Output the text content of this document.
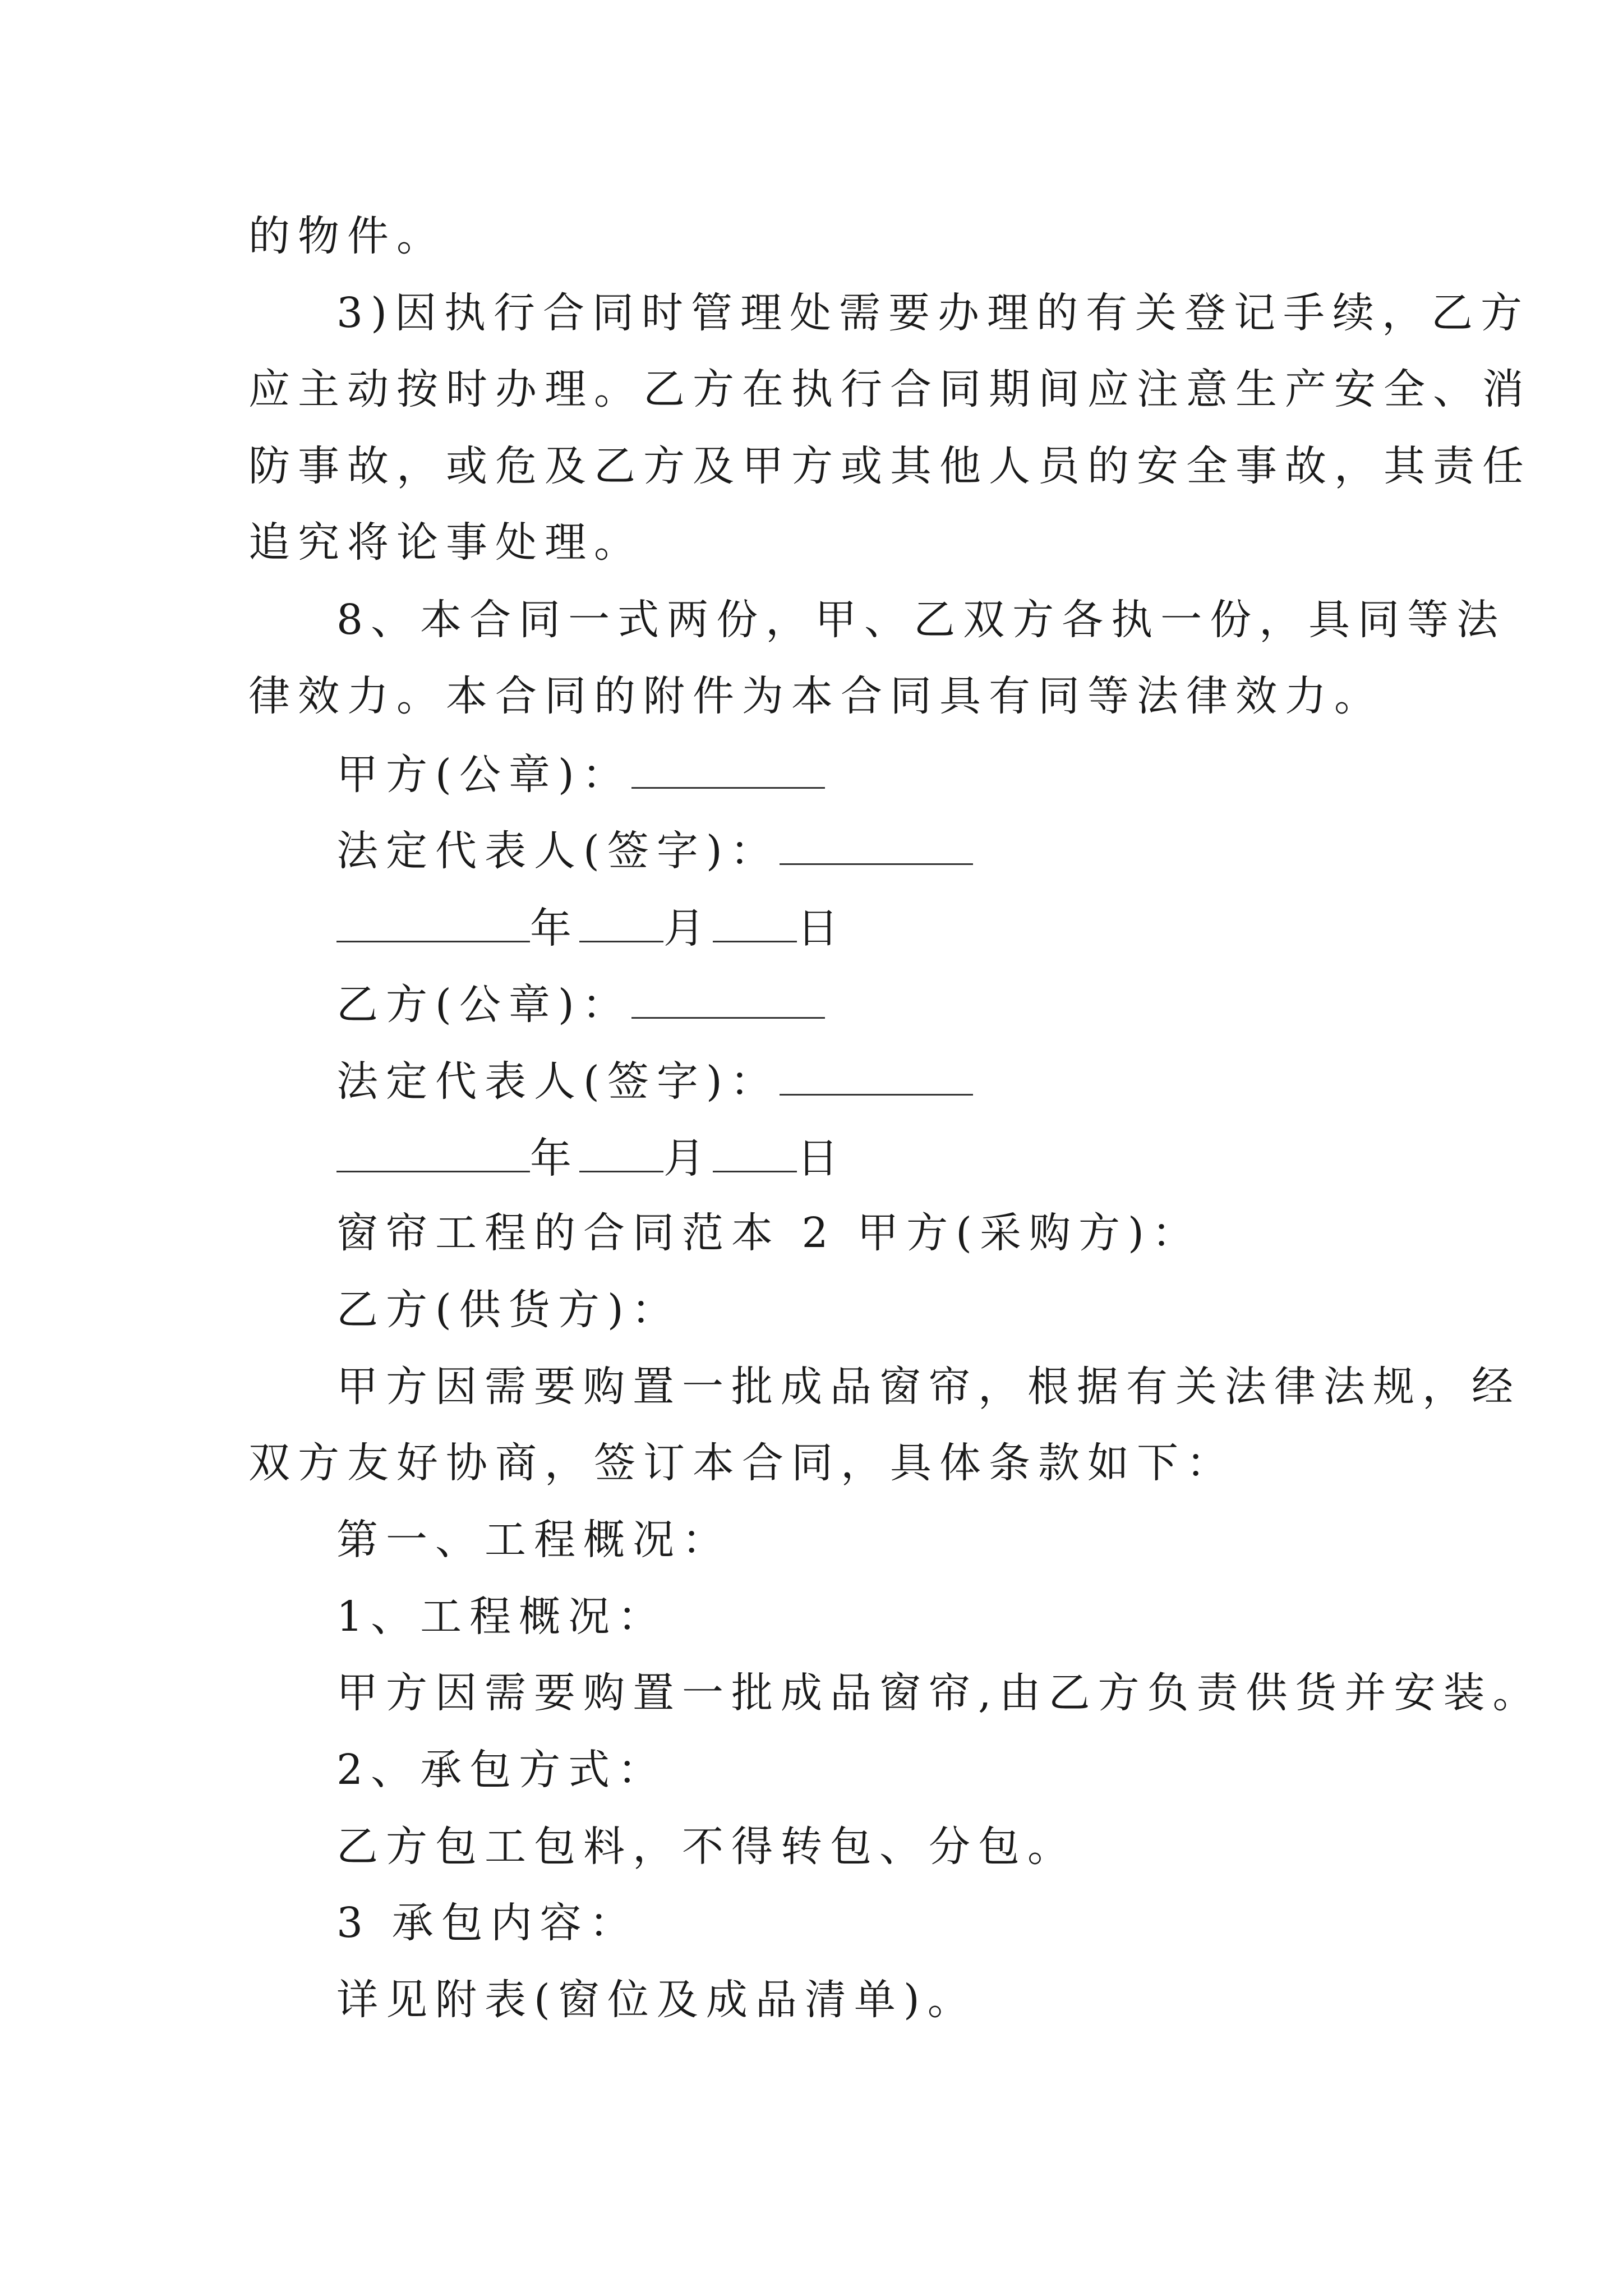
的物件。
3)因执行合同时管理处需要办理的有关登记手续，乙方
应主动按时办理。乙方在执行合同期间应注意生产安全、消
防事故，或危及乙方及甲方或其他人员的安全事故，其责任
追究将论事处理。
8、本合同一式两份，甲、乙双方各执一份，具同等法
律效力。本合同的附件为本合同具有同等法律效力。
甲方(公章)：
法定代表人(签字)：
年 月 日
乙方(公章)：
法定代表人(签字)：
年 月 日
窗帘工程的合同范本 2 甲方(采购方)：
乙方(供货方)：
甲方因需要购置一批成品窗帘，根据有关法律法规，经
双方友好协商，签订本合同，具体条款如下：
第一、工程概况：
1、工程概况：
甲方因需要购置一批成品窗帘,由乙方负责供货并安装。
2、承包方式：
乙方包工包料，不得转包、分包。
3 承包内容：
详见附表(窗位及成品清单)。
